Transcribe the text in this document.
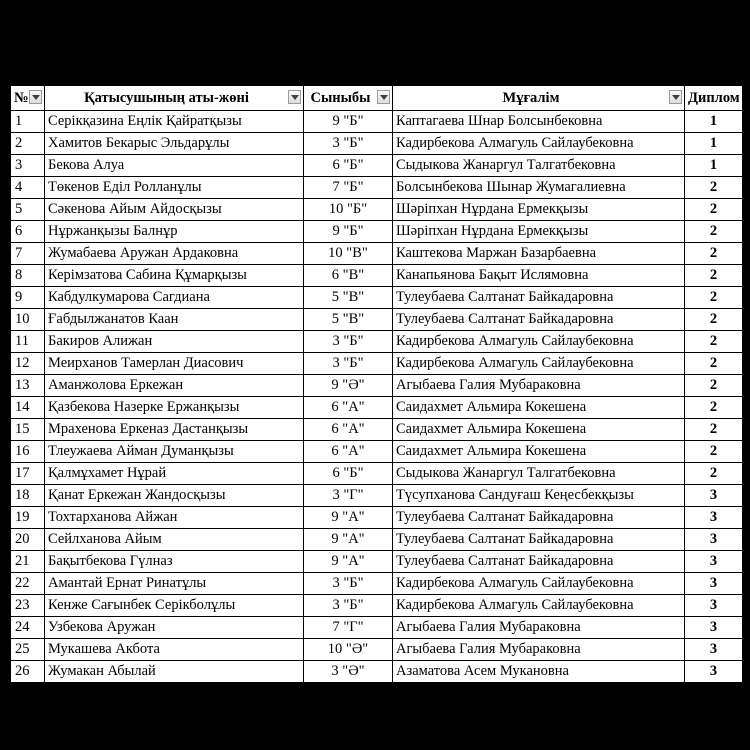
№	Қатысушының аты-жөні	Сыныбы	Мұғалім	Диплом
1	Серікқазина Еңлік Қайратқызы	9 "Б"	Каптагаева Шнар Болсынбековна	1
2	Хамитов Бекарыс Эльдарұлы	3 "Б"	Кадирбекова Алмагуль Сайлаубековна	1
3	Бекова Алуа	6 "Б"	Сыдыкова Жанаргул Талгатбековна	1
4	Төкенов Еділ Ролланұлы	7 "Б"	Болсынбекова Шынар Жумагалиевна	2
5	Сәкенова Айым Айдосқызы	10 "Б"	Шәріпхан Нұрдана Ермекқызы	2
6	Нұржанқызы Балнұр	9 "Б"	Шәріпхан Нұрдана Ермекқызы	2
7	Жумабаева Аружан Ардаковна	10 "В"	Каштекова Маржан Базарбаевна	2
8	Керімзатова Сабина Құмарқызы	6 "В"	Канапьянова Бақыт Ислямовна	2
9	Кабдулкумарова Сагдиана	5 "В"	Тулеубаева Салтанат Байкадаровна	2
10	Ғабдылжанатов Каан	5 "В"	Тулеубаева Салтанат Байкадаровна	2
11	Бакиров Алижан	3 "Б"	Кадирбекова Алмагуль Сайлаубековна	2
12	Меирханов Тамерлан Диасович	3 "Б"	Кадирбекова Алмагуль Сайлаубековна	2
13	Аманжолова Еркежан	9 "Ә"	Агыбаева Галия Мубараковна	2
14	Қазбекова Назерке Ержанқызы	6 "А"	Саидахмет Альмира Кокешена	2
15	Мрахенова Еркеназ Дастанқызы	6 "А"	Саидахмет Альмира Кокешена	2
16	Тлеужаева Айман Думанқызы	6 "А"	Саидахмет Альмира Кокешена	2
17	Қалмұхамет Нұрай	6 "Б"	Сыдыкова Жанаргул Талгатбековна	2
18	Қанат Еркежан Жандосқызы	3 "Г"	Түсупханова Сандуғаш Кеңесбекқызы	3
19	Тохтарханова Айжан	9 "А"	Тулеубаева Салтанат Байкадаровна	3
20	Сейлханова Айым	9 "А"	Тулеубаева Салтанат Байкадаровна	3
21	Бақытбекова Гүлназ	9 "А"	Тулеубаева Салтанат Байкадаровна	3
22	Амантай Ернат Ринатұлы	3 "Б"	Кадирбекова Алмагуль Сайлаубековна	3
23	Кенже Сағынбек Серікболұлы	3 "Б"	Кадирбекова Алмагуль Сайлаубековна	3
24	Узбекова Аружан	7 "Г"	Агыбаева Галия Мубараковна	3
25	Мукашева Акбота	10 "Ә"	Агыбаева Галия Мубараковна	3
26	Жумакан Абылай	3 "Ә"	Азаматова Асем Мукановна	3
